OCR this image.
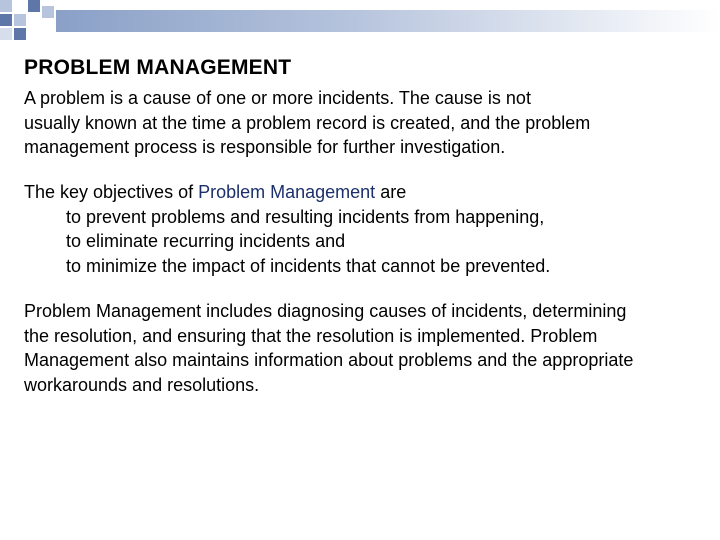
PROBLEM MANAGEMENT
A problem is a cause of one or more incidents. The cause is not
usually known at the time a problem record is created, and the problem
management process is responsible for further investigation.
The key objectives of Problem Management are
to prevent problems and resulting incidents from happening,
to eliminate recurring incidents and
to minimize the impact of incidents that cannot be prevented.
Problem Management includes diagnosing causes of incidents, determining
the resolution, and ensuring that the resolution is implemented. Problem
Management also maintains information about problems and the appropriate
workarounds and resolutions.
